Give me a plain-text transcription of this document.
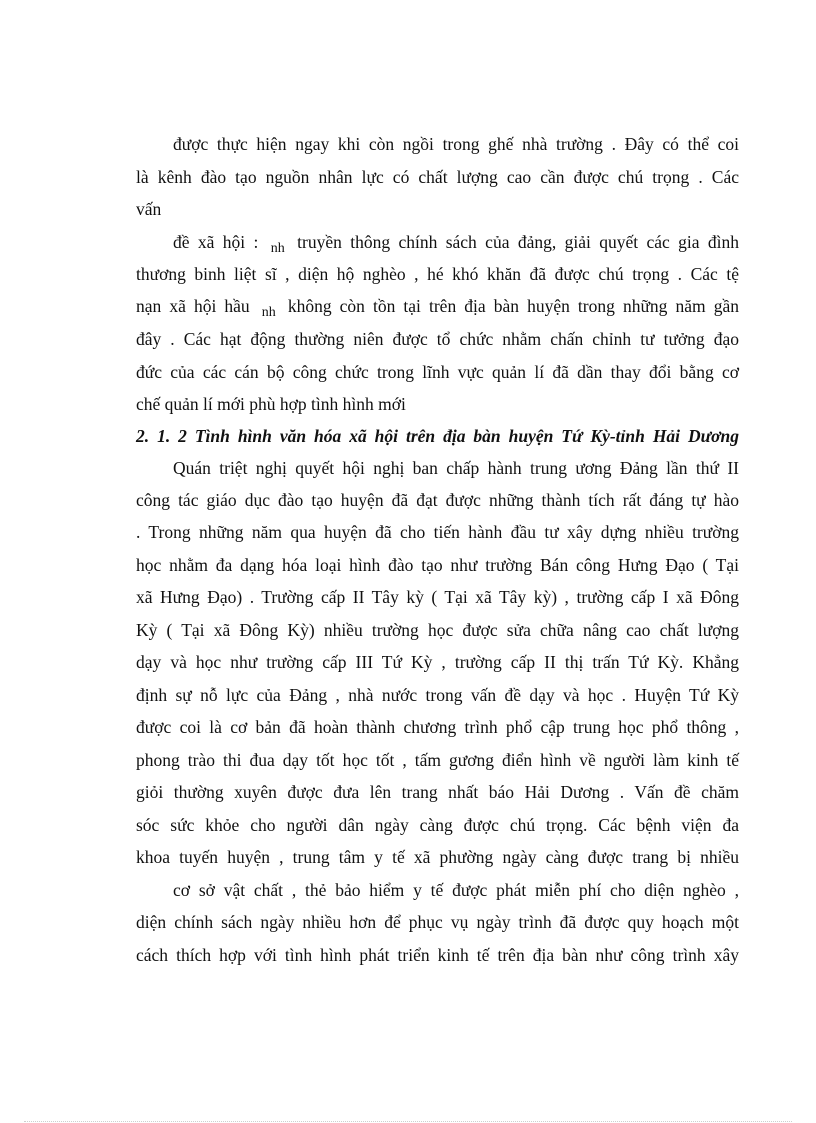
được thực hiện ngay khi còn ngồi trong ghế nhà trường . Đây có thể coi
là kênh đào tạo nguồn nhân lực có chất lượng cao cần được chú trọng . Các
vấn
đề xã hội : $_{nh}$ truyền thông chính sách của đảng, giải quyết các gia đình
thương binh liệt sĩ , diện hộ nghèo , hé khó khăn đã được chú trọng . Các tệ
nạn xã hội hầu $_{nh}$ không còn tồn tại trên địa bàn huyện trong những năm gần
đây . Các hạt động thường niên được tổ chức nhằm chấn chỉnh tư tưởng đạo
đức của các cán bộ công chức trong lĩnh vực quản lí đã dần thay đổi bằng cơ
chế quản lí mới phù hợp tình hình mới
2. 1. 2 Tình hình văn hóa xã hội trên địa bàn huyện Tứ Kỳ-tỉnh Hải Dương
Quán triệt nghị quyết hội nghị ban chấp hành trung ương Đảng lần thứ II
công tác giáo dục đào tạo huyện đã đạt được những thành tích rất đáng tự hào
. Trong những năm qua huyện đã cho tiến hành đầu tư xây dựng nhiều trường
học nhằm đa dạng hóa loại hình đào tạo như trường Bán công Hưng Đạo ( Tại
xã Hưng Đạo) . Trường cấp II Tây kỳ ( Tại xã Tây kỳ) , trường cấp I xã Đông
Kỳ ( Tại xã Đông Kỳ) nhiều trường học được sửa chữa nâng cao chất lượng
dạy và học như trường cấp III Tứ Kỳ , trường cấp II thị trấn Tứ Kỳ. Khẳng
định sự nỗ lực của Đảng , nhà nước trong vấn đề dạy và học . Huyện Tứ Kỳ
được coi là cơ bản đã hoàn thành chương trình phổ cập trung học phổ thông ,
phong trào thi đua dạy tốt học tốt , tấm gương điển hình về người làm kinh tế
giỏi thường xuyên được đưa lên trang nhất báo Hải Dương . Vấn đề chăm
sóc sức khỏe cho người dân ngày càng được chú trọng. Các bệnh viện đa
khoa tuyến huyện , trung tâm y tế xã phường ngày càng được trang bị nhiều
cơ sở vật chất , thẻ bảo hiểm y tế được phát miễn phí cho diện nghèo ,
diện chính sách ngày nhiều hơn để phục vụ ngày trình đã được quy hoạch một
cách thích hợp với tình hình phát triển kinh tế trên địa bàn như công trình xây
